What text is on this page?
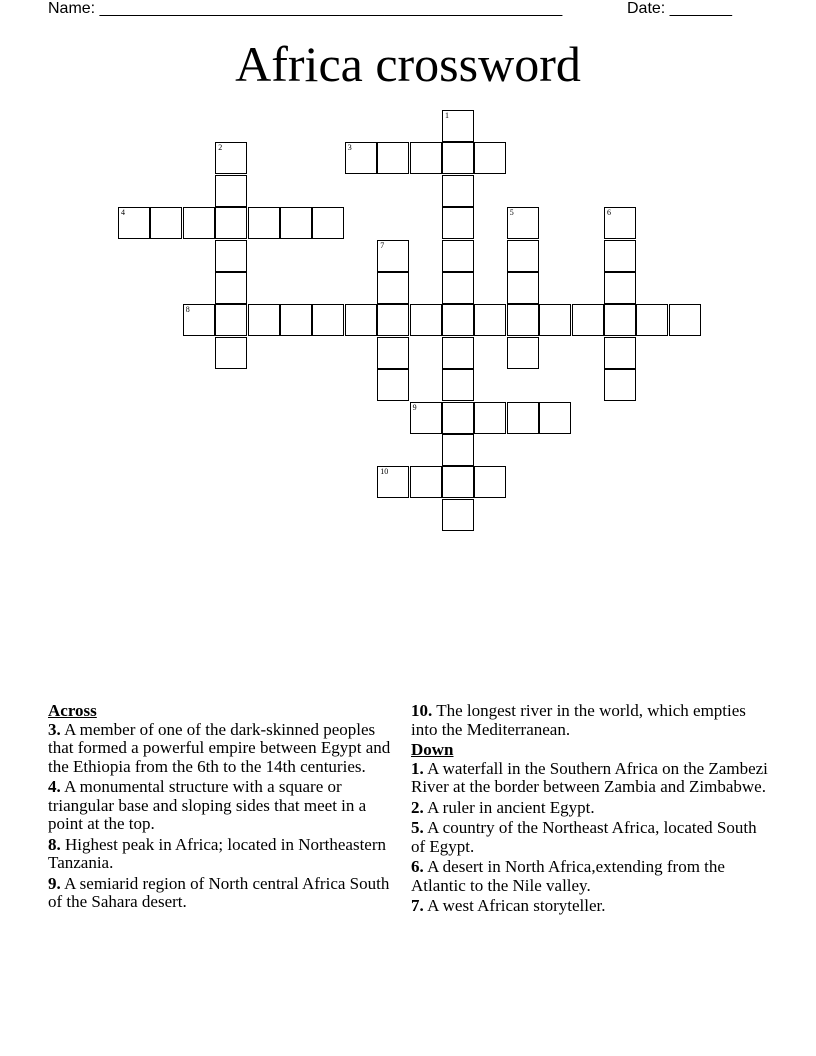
Name: ____________________________________________________	Date: _______
Africa crossword
1
2	3
4	5	6
7
8
9
10

Across

3. A member of one of the dark-skinned peoples that formed a powerful empire between Egypt and the Ethiopia from the 6th to the 14th centuries.

4. A monumental structure with a square or triangular base and sloping sides that meet in a point at the top.

8. Highest peak in Africa; located in Northeastern Tanzania.

9. A semiarid region of North central Africa South of the Sahara desert.

10. The longest river in the world, which empties into the Mediterranean.

Down

1. A waterfall in the Southern Africa on the Zambezi River at the border between Zambia and Zimbabwe.

2. A ruler in ancient Egypt.

5. A country of the Northeast Africa, located South of Egypt.

6. A desert in North Africa,extending from the Atlantic to the Nile valley.

7. A west African storyteller.
